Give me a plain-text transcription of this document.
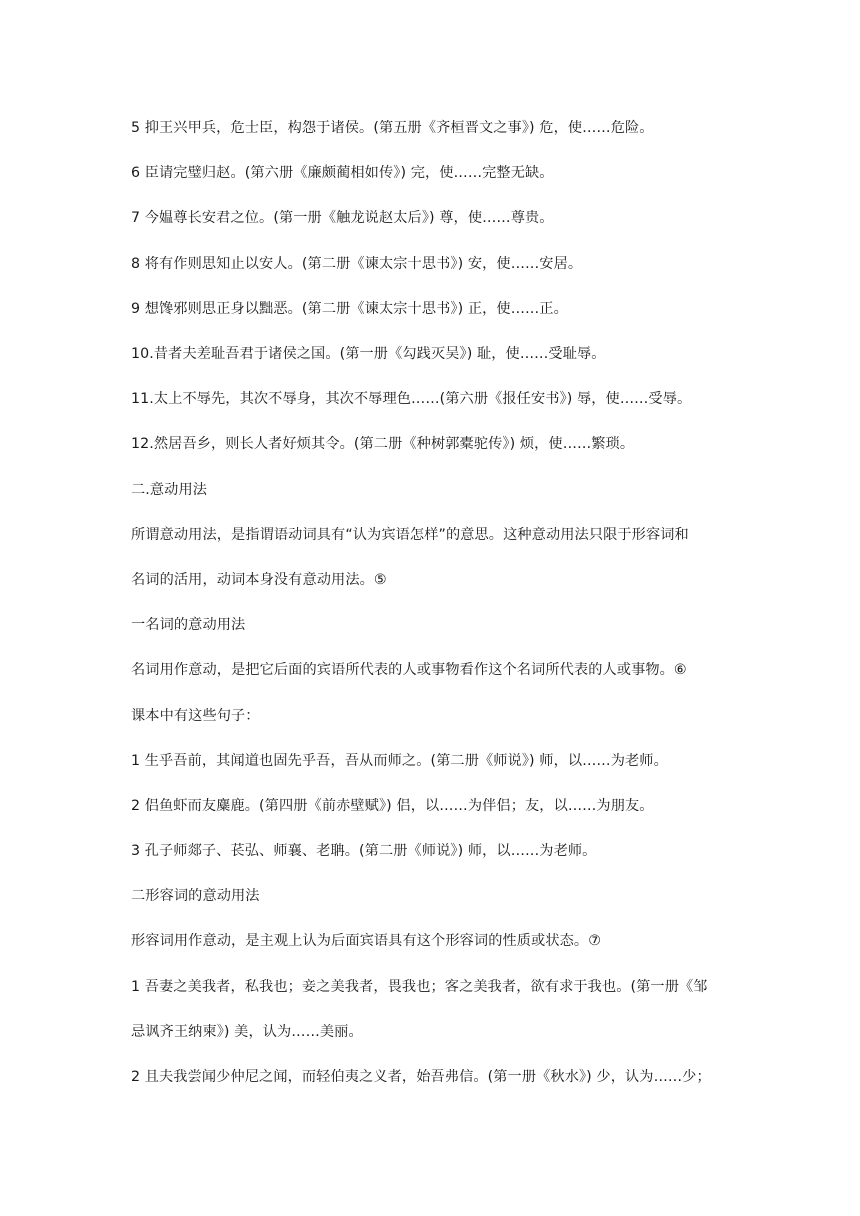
5 抑王兴甲兵，危士臣，构怨于诸侯。(第五册《齐桓晋文之事》) 危，使……危险。
6 臣请完璧归赵。(第六册《廉颇蔺相如传》) 完，使……完整无缺。
7 今媪尊长安君之位。(第一册《触龙说赵太后》) 尊，使……尊贵。
8 将有作则思知止以安人。(第二册《谏太宗十思书》) 安，使……安居。
9 想馋邪则思正身以黜恶。(第二册《谏太宗十思书》) 正，使……正。
10.昔者夫差耻吾君于诸侯之国。(第一册《勾践灭吴》) 耻，使……受耻辱。
11.太上不辱先，其次不辱身，其次不辱理色……(第六册《报任安书》) 辱，使……受辱。
12.然居吾乡，则长人者好烦其令。(第二册《种树郭橐驼传》) 烦，使……繁琐。
二.意动用法
所谓意动用法，是指谓语动词具有“认为宾语怎样”的意思。这种意动用法只限于形容词和
名词的活用，动词本身没有意动用法。⑤
一名词的意动用法
名词用作意动，是把它后面的宾语所代表的人或事物看作这个名词所代表的人或事物。⑥
课本中有这些句子：
1 生乎吾前，其闻道也固先乎吾，吾从而师之。(第二册《师说》) 师，以……为老师。
2 侣鱼虾而友麋鹿。(第四册《前赤壁赋》) 侣，以……为伴侣；友，以……为朋友。
3 孔子师郯子、苌弘、师襄、老聃。(第二册《师说》) 师，以……为老师。
二形容词的意动用法
形容词用作意动，是主观上认为后面宾语具有这个形容词的性质或状态。⑦
1 吾妻之美我者，私我也；妾之美我者，畏我也；客之美我者，欲有求于我也。(第一册《邹
忌讽齐王纳柬》) 美，认为……美丽。
2 且夫我尝闻少仲尼之闻，而轻伯夷之义者，始吾弗信。(第一册《秋水》) 少，认为……少；
